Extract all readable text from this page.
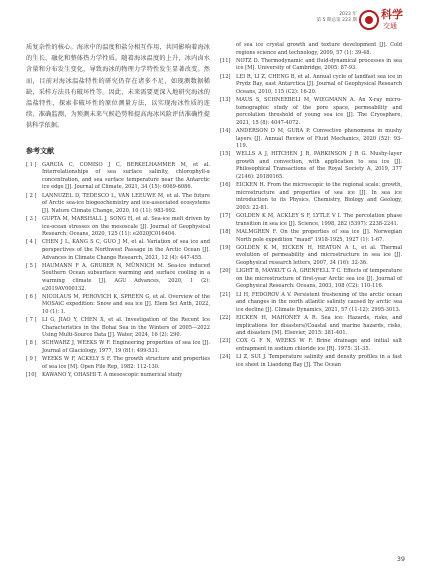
2023 年
第 5 期总第 223 期 科学
交通

质复杂性的核心。海冰中的温度和盐分相互作用，共同影响着海冰的生长、融化和整体热力学性质。随着海冰温度的上升，冰内卤水含量和分布发生变化，导致海冰的物理力学特性发生显著改变。然而，目前对海冰温盐特性的研究仍存在诸多不足，如现测数据稀缺，采样方法具有破坏性等。因此，未来需要更深入地研究海冰的温盐特性，探索非破坏性的原位测量方法，以实现海冰性质的连续、准确监测，为预测未来气候趋势和提高海冰风险评估准确性提供科学依据。

参考文献
[ 1 ] GARCIA C, COMISO J C, BERKELHAMMER M, et al. Interrelationships of sea surface salinity, chlorophyll-α concentration, and sea surface temperature near the Antarctic ice edge [J]. Journal of Climate, 2021, 34 (15): 6069-6086.
[ 2 ] LANNUZEL D, TEDESCO L, VAN LEEUWE M, et al. The future of Arctic sea-ice biogeochemistry and ice-associated ecosystems [J]. Nature Climate Change, 2020, 10 (11): 983-992.
[ 3 ] GUPTA M, MARSHALL J, SONG H, et al. Sea-ice melt driven by ice-ocean stresses on the mesoscale [J]. Journal of Geophysical Research: Oceans, 2020, 125 (11): e2020JC016404.
[ 4 ] CHEN J L, KANG S C, GUO J M, et al. Variation of sea ice and perspectives of the Northwest Passage in the Arctic Ocean [J]. Advances in Climate Change Research, 2021, 12 (4): 447-455.
[ 5 ] HAUMANN F A, GRUBER N, MÜNNICH M. Sea-ice induced Southern Ocean subsurface warming and surface cooling in a warming climate [J]. AGU Advances, 2020, 1 (2): e2019AV000132.
[ 6 ] NICOLAUS M, PEROVICH K, SPREEN G, et al. Overview of the MOSAiC expedition: Snow and sea ice [J]. Elem Sci Anth, 2022, 10 (1): 1.
[ 7 ] LI G, JIAO Y, CHEN X, et al. Investigation of the Recent Ice Characteristics in the Bohai Sea in the Winters of 2005—2022 Using Multi-Source Data [J]. Water, 2024, 16 (2): 290.
[ 8 ] SCHWARZ J, WEEKS W F. Engineering properties of sea ice [J]. Journal of Glaciology, 1977, 19 (81): 499-531.
[ 9 ] WEEKS W F, ACKELY S F. The growth structure and properties of sea ice [M]. Open File Rep, 1982: 112-130.
[10] KAWANO Y, OHASHI T. A mesoscopic numerical study
of sea ice crystal growth and texture development [J]. Cold regions science and technology, 2009, 57 (1): 39-48.
[11] NOTZ D. Thermodynamic and fluid-dynamical processes in sea ice [M]. University of Cambridge, 2005: 87-93.
[12] LEI R, LI Z, CHENG B, et al. Annual cycle of landfast sea ice in Prydz Bay, east Antarctica [J]. Journal of Geophysical Research Oceans, 2010, 115 (C2): 16-20.
[13] MAUS S, SCHNEEBELI M, WIEGMANN A. An X-ray micro-tomographic study of the pore space, permeability and percolation threshold of young sea ice [J]. The Cryosphere, 2021, 15 (8): 4047-4072.
[14] ANDERSON D M, GUBA P. Convective phenomena in mushy layers [J]. Annual Review of Fluid Mechanics, 2020 (52): 93-119.
[15] WELLS A J, HITCHEN J R, PARKINSON J R G. Mushy-layer growth and convection, with application to sea ice [J]. Philosophical Transactions of the Royal Society A, 2019, 377 (2146): 20180165.
[16] EICKEN H. From the microscopic to the regional scale: growth, microstructure and properties of sea ice [J]. In sea ice introduction to its Physics, Chemistry, Biology and Geology, 2003: 22-81.
[17] GOLDEN K M, ACKLEY S F, LYTLE V I. The percolation phase transition in sea ice [J]. Science, 1998, 282 (5397): 2238-2241.
[18] MALMGREN F. On the properties of sea ice [J]. Norwegian North pole expedition "maud" 1918-1925, 1927 (1): 1-67.
[19] GOLDEN K M, EICKEN H, HEATON A L, et al. Thermal evolution of permeability and microstructure in sea ice [J]. Geophysical research letters, 2007, 34 (16): 32-36.
[20] LIGHT B, MAYKUT G A, GRENFELL T C. Effects of temperature on the microstructure of first-year Arctic sea ice [J]. Journal of Geophysical Research: Oceans, 2003, 108 (C2): 110-116.
[21] LI H, FEDOROV A V. Persistent freshening of the arctic ocean and changes in the north atlantic salinity caused by arctic sea ice decline [J]. Climate Dynamics, 2021, 57 (11-12): 2995-3013.
[22] EICKEN H, MAHONEY A R. Sea ice: Hazards, risks, and implications for disasters//Coastal and marine hazards, risks, and disasters [M]. Elsevier, 2015: 381-401.
[23] COX G F N, WEEKS W F. Brine drainage and initial salt entrapment in sodium chloride ice [R]. 1975: 31-35.
[24] LI Z, SUI J. Temperature salinity and density profiles in a fast ice sheet in Liaodong Bay [J]. The Ocean
39
